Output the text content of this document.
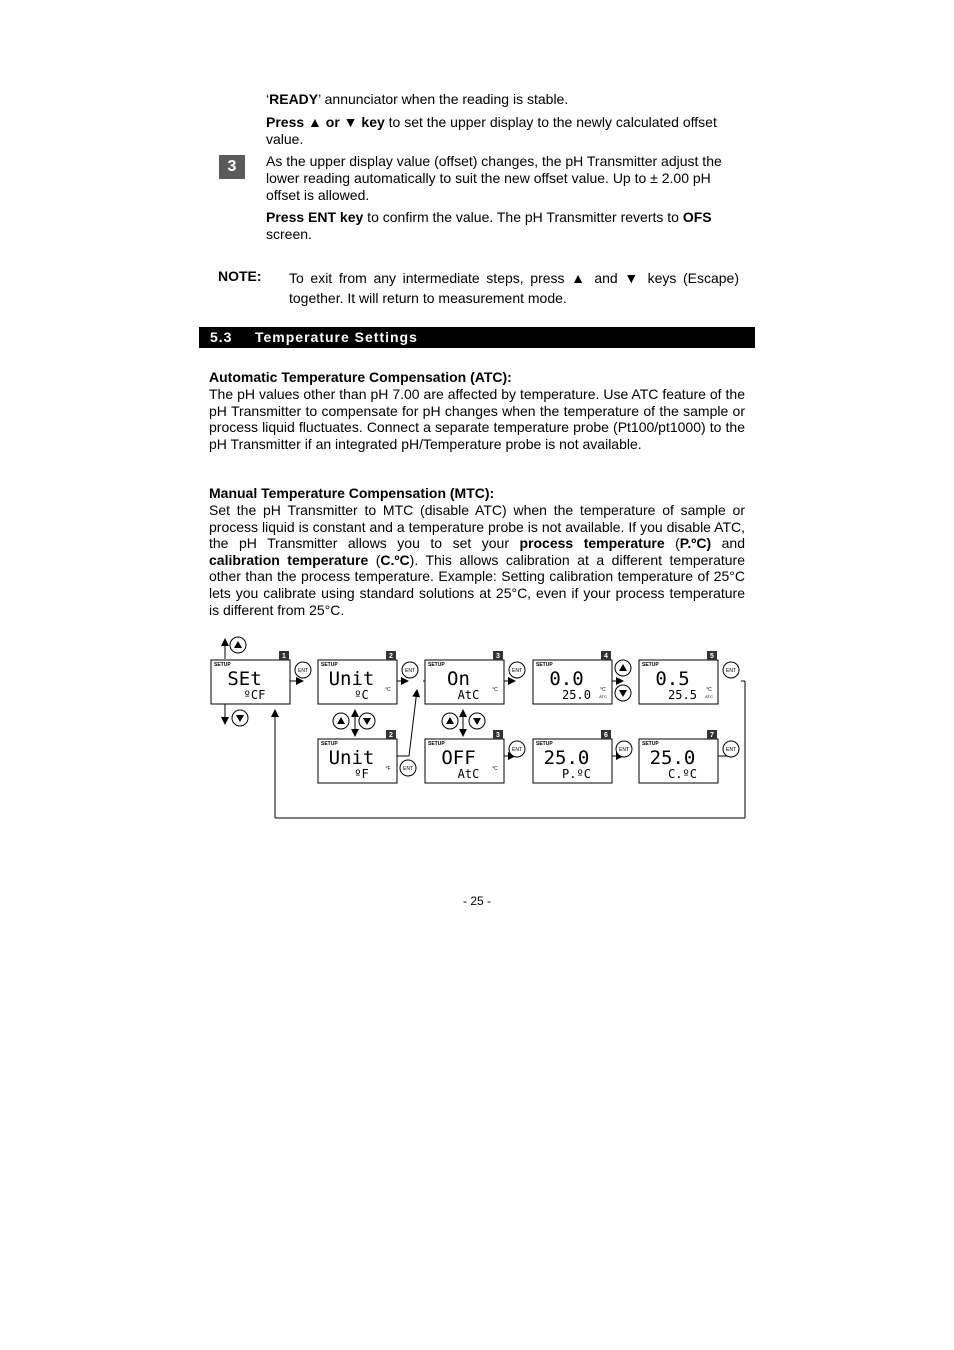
‘READY’ annunciator when the reading is stable.
Press ▲ or ▼ key to set the upper display to the newly calculated offset value.
3	As the upper display value (offset) changes, the pH Transmitter adjust the lower reading automatically to suit the new offset value. Up to ± 2.00 pH offset is allowed.
Press ENT key to confirm the value. The pH Transmitter reverts to OFS screen.
NOTE: To exit from any intermediate steps, press ▲ and ▼ keys (Escape) together. It will return to measurement mode.
5.3 Temperature Settings
Automatic Temperature Compensation (ATC):
The pH values other than pH 7.00 are affected by temperature. Use ATC feature of the pH Transmitter to compensate for pH changes when the temperature of the sample or process liquid fluctuates. Connect a separate temperature probe (Pt100/pt1000) to the pH Transmitter if an integrated pH/Temperature probe is not available.
Manual Temperature Compensation (MTC):
Set the pH Transmitter to MTC (disable ATC) when the temperature of sample or process liquid is constant and a temperature probe is not available. If you disable ATC, the pH Transmitter allows you to set your process temperature (P.ºC) and calibration temperature (C.ºC). This allows calibration at a different temperature other than the process temperature. Example: Setting calibration temperature of 25°C lets you calibrate using standard solutions at 25°C, even if your process temperature is different from 25°C.
SETUP
1
SEt
ºCF
SETUP
2
Unit
ºC	°C
SETUP
3
On
AtC	°C
SETUP
4
0.0
25.0 °C
ATC
SETUP
5
0.5
25.5 °C
ATC
SETUP
2
Unit
ºF	°F
SETUP
3
OFF
AtC	°C
SETUP
6
25.0
P.ºC
SETUP
7
25.0
C.ºC
ENT	ENT	ENT	ENT
ENT
ENT	ENT	ENT
- 25 -
